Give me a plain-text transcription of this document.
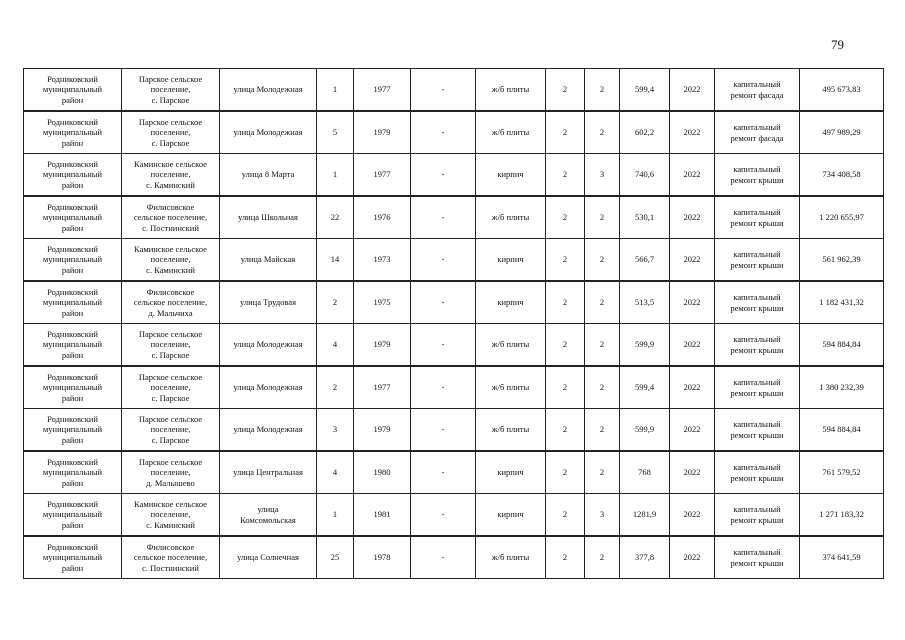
79
Родниковский
муниципальный
район	Парское сельское
поселение,
с. Парское	улица Молодежная	1	1977	-	ж/б плиты	2	2	599,4	2022	капитальный
ремонт фасада	495 673,83
Родниковский
муниципальный
район	Парское сельское
поселение,
с. Парское	улица Молодежная	5	1979	-	ж/б плиты	2	2	602,2	2022	капитальный
ремонт фасада	497 989,29
Родниковский
муниципальный
район	Каминское сельское
поселение,
с. Каминский	улица 8 Марта	1	1977	-	кирпич	2	3	740,6	2022	капитальный
ремонт крыши	734 408,58
Родниковский
муниципальный
район	Филисовское
сельское поселение,
с. Постнинский	улица Школьная	22	1976	-	ж/б плиты	2	2	530,1	2022	капитальный
ремонт крыши	1 220 655,97
Родниковский
муниципальный
район	Каминское сельское
поселение,
с. Каминский	улица Майская	14	1973	-	кирпич	2	2	566,7	2022	капитальный
ремонт крыши	561 962,39
Родниковский
муниципальный
район	Филисовское
сельское поселение,
д. Мальчиха	улица Трудовая	2	1975	-	кирпич	2	2	513,5	2022	капитальный
ремонт крыши	1 182 431,32
Родниковский
муниципальный
район	Парское сельское
поселение,
с. Парское	улица Молодежная	4	1979	-	ж/б плиты	2	2	599,9	2022	капитальный
ремонт крыши	594 884,84
Родниковский
муниципальный
район	Парское сельское
поселение,
с. Парское	улица Молодежная	2	1977	-	ж/б плиты	2	2	599,4	2022	капитальный
ремонт крыши	1 380 232,39
Родниковский
муниципальный
район	Парское сельское
поселение,
с. Парское	улица Молодежная	3	1979	-	ж/б плиты	2	2	599,9	2022	капитальный
ремонт крыши	594 884,84
Родниковский
муниципальный
район	Парское сельское
поселение,
д. Малышево	улица Центральная	4	1980	-	кирпич	2	2	768	2022	капитальный
ремонт крыши	761 579,52
Родниковский
муниципальный
район	Каминское сельское
поселение,
с. Каминский	улица
Комсомольская	1	1981	-	кирпич	2	3	1281,9	2022	капитальный
ремонт крыши	1 271 183,32
Родниковский
муниципальный
район	Филисовское
сельское поселение,
с. Постнинский	улица Солнечная	25	1978	-	ж/б плиты	2	2	377,8	2022	капитальный
ремонт крыши	374 641,59
